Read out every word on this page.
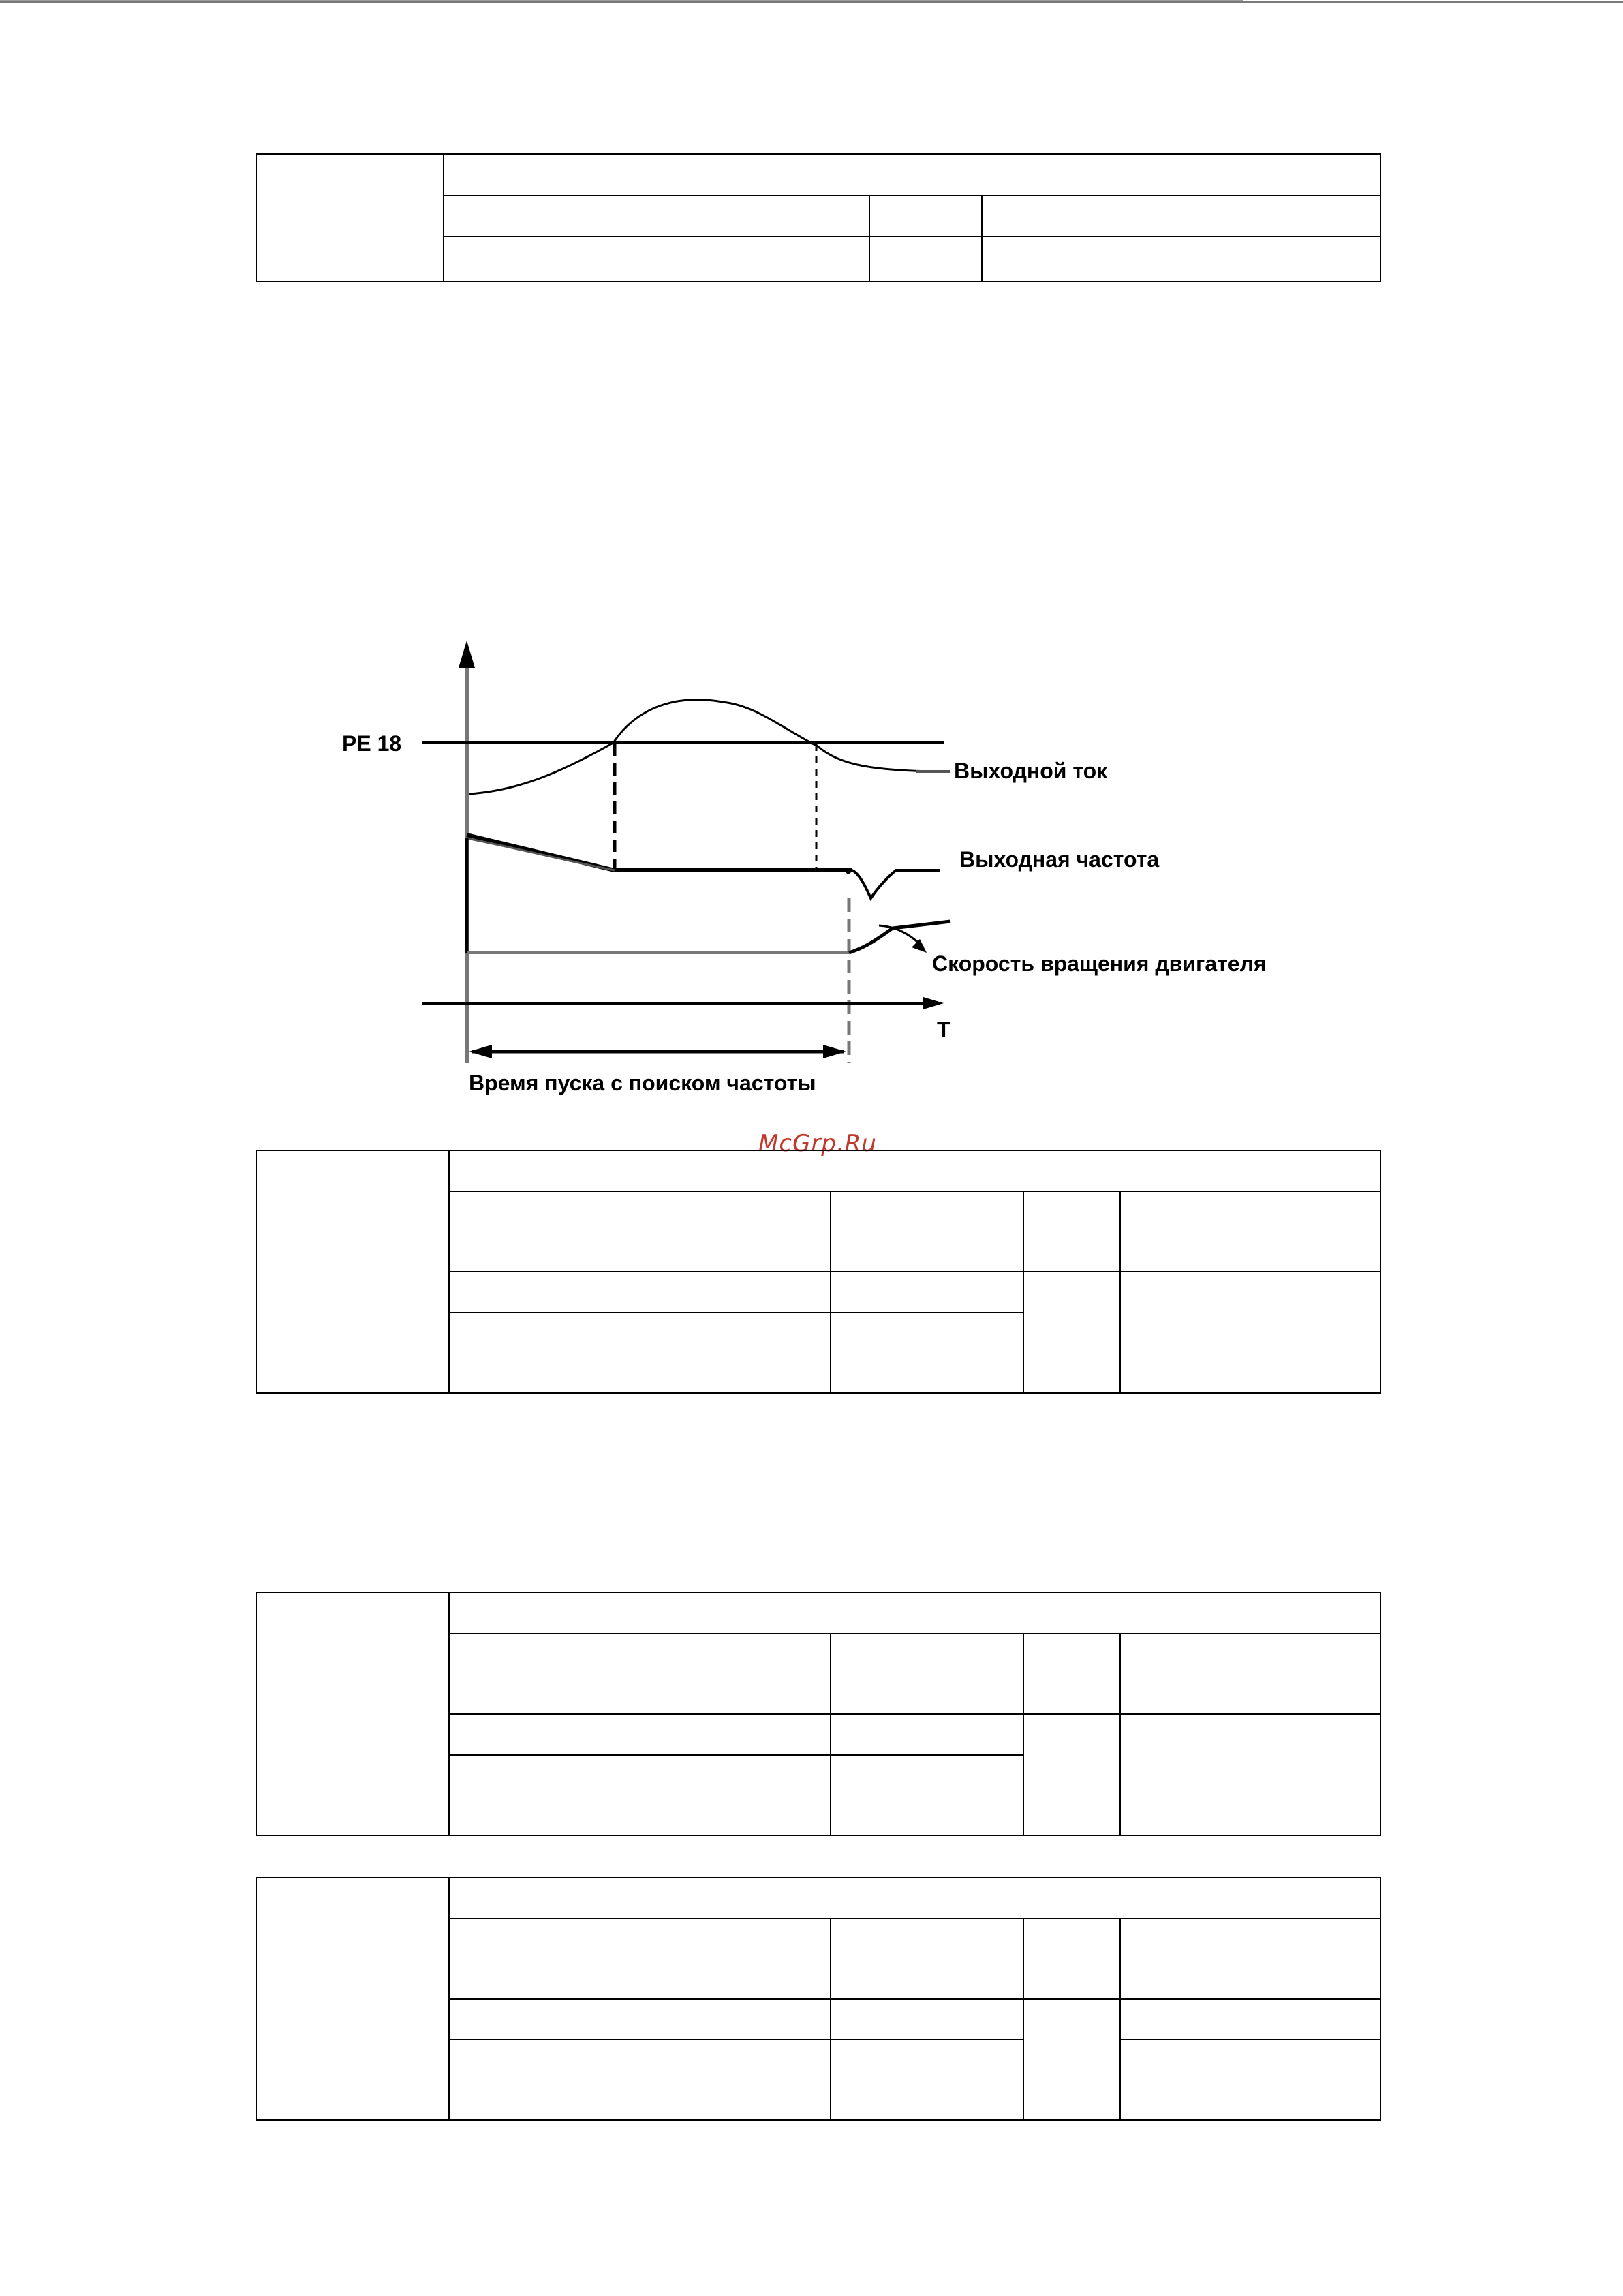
PE 18
Выходной ток
Выходная частота
Скорость вращения двигателя
T
Время пуска с поиском частоты
McGrp.Ru
